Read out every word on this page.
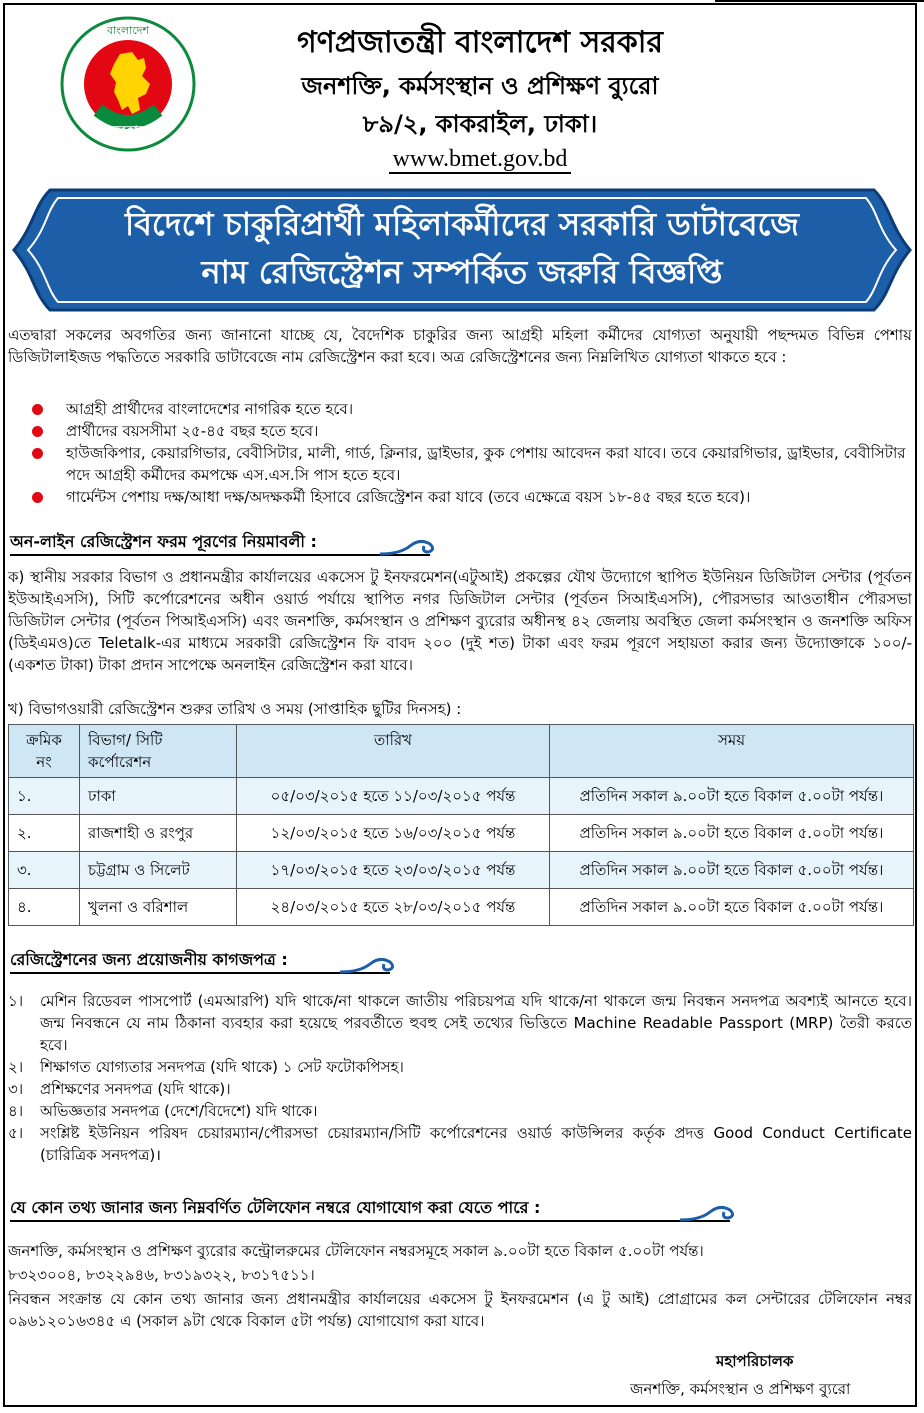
সরকার
বাংলাদেশ	গণপ্রজাতন্ত্রী বাংলাদেশ সরকার
জনশক্তি, কর্মসংস্থান ও প্রশিক্ষণ ব্যুরো
৮৯/২, কাকরাইল, ঢাকা।
www.bmet.gov.bd
বিদেশে চাকুরিপ্রার্থী মহিলাকর্মীদের সরকারি ডাটাবেজে
নাম রেজিস্ট্রেশন সম্পর্কিত জরুরি বিজ্ঞপ্তি
এতদ্বারা সকলের অবগতির জন্য জানানো যাচ্ছে যে, বৈদেশিক চাকুরির জন্য আগ্রহী মহিলা কর্মীদের যোগ্যতা অনুযায়ী পছন্দমত বিভিন্ন পেশায় ডিজিটালাইজড পদ্ধতিতে সরকারি ডাটাবেজে নাম রেজিস্ট্রেশন করা হবে। অত্র রেজিস্ট্রেশনের জন্য নিম্নলিখিত যোগ্যতা থাকতে হবে :
আগ্রহী প্রার্থীদের বাংলাদেশের নাগরিক হতে হবে।
প্রার্থীদের বয়সসীমা ২৫-৪৫ বছর হতে হবে।
হাউজকিপার, কেয়ারগিভার, বেবীসিটার, মালী, গার্ড, ক্লিনার, ড্রাইভার, কুক পেশায় আবেদন করা যাবে। তবে কেয়ারগিভার, ড্রাইভার, বেবীসিটার পদে আগ্রহী কর্মীদের কমপক্ষে এস.এস.সি পাস হতে হবে।
গার্মেন্টস পেশায় দক্ষ/আধা দক্ষ/অদক্ষকর্মী হিসাবে রেজিস্ট্রেশন করা যাবে (তবে এক্ষেত্রে বয়স ১৮-৪৫ বছর হতে হবে)।
অন-লাইন রেজিস্ট্রেশন ফরম পূরণের নিয়মাবলী :
ক) স্থানীয় সরকার বিভাগ ও প্রধানমন্ত্রীর কার্যালয়ের একসেস টু ইনফরমেশন(এটুআই) প্রকল্পের যৌথ উদ্যোগে স্থাপিত ইউনিয়ন ডিজিটাল সেন্টার (পূর্বতন ইউআইএসসি), সিটি কর্পোরেশনের অধীন ওয়ার্ড পর্যায়ে স্থাপিত নগর ডিজিটাল সেন্টার (পূর্বতন সিআইএসসি), পৌরসভার আওতাধীন পৌরসভা ডিজিটাল সেন্টার (পূর্বতন পিআইএসসি) এবং জনশক্তি, কর্মসংস্থান ও প্রশিক্ষণ ব্যুরোর অধীনস্থ ৪২ জেলায় অবস্থিত জেলা কর্মসংস্থান ও জনশক্তি অফিস (ডিইএমও)তে Teletalk-এর মাধ্যমে সরকারী রেজিস্ট্রেশন ফি বাবদ ২০০ (দুই শত) টাকা এবং ফরম পূরণে সহায়তা করার জন্য উদ্যোক্তাকে ১০০/- (একশত টাকা) টাকা প্রদান সাপেক্ষে অনলাইন রেজিস্ট্রেশন করা যাবে।
খ) বিভাগওয়ারী রেজিস্ট্রেশন শুরুর তারিখ ও সময় (সাপ্তাহিক ছুটির দিনসহ) :
ক্রমিক নং	বিভাগ/ সিটি কর্পোরেশন	তারিখ	সময়
১.	ঢাকা	০৫/০৩/২০১৫ হতে ১১/০৩/২০১৫ পর্যন্ত	প্রতিদিন সকাল ৯.০০টা হতে বিকাল ৫.০০টা পর্যন্ত।
২.	রাজশাহী ও রংপুর	১২/০৩/২০১৫ হতে ১৬/০৩/২০১৫ পর্যন্ত	প্রতিদিন সকাল ৯.০০টা হতে বিকাল ৫.০০টা পর্যন্ত।
৩.	চট্টগ্রাম ও সিলেট	১৭/০৩/২০১৫ হতে ২৩/০৩/২০১৫ পর্যন্ত	প্রতিদিন সকাল ৯.০০টা হতে বিকাল ৫.০০টা পর্যন্ত।
৪.	খুলনা ও বরিশাল	২৪/০৩/২০১৫ হতে ২৮/০৩/২০১৫ পর্যন্ত	প্রতিদিন সকাল ৯.০০টা হতে বিকাল ৫.০০টা পর্যন্ত।
রেজিস্ট্রেশনের জন্য প্রয়োজনীয় কাগজপত্র :
১। মেশিন রিডেবল পাসপোর্ট (এমআরপি) যদি থাকে/না থাকলে জাতীয় পরিচয়পত্র যদি থাকে/না থাকলে জন্ম নিবন্ধন সনদপত্র অবশ্যই আনতে হবে। জন্ম নিবন্ধনে যে নাম ঠিকানা ব্যবহার করা হয়েছে পরবর্তীতে হুবহু সেই তথ্যের ভিত্তিতে Machine Readable Passport (MRP) তৈরী করতে হবে।
২। শিক্ষাগত যোগ্যতার সনদপত্র (যদি থাকে) ১ সেট ফটোকপিসহ।
৩। প্রশিক্ষণের সনদপত্র (যদি থাকে)।
৪। অভিজ্ঞতার সনদপত্র (দেশে/বিদেশে) যদি থাকে।
৫। সংশ্লিষ্ট ইউনিয়ন পরিষদ চেয়ারম্যান/পৌরসভা চেয়ারম্যান/সিটি কর্পোরেশনের ওয়ার্ড কাউন্সিলর কর্তৃক প্রদত্ত Good Conduct Certificate (চারিত্রিক সনদপত্র)।
যে কোন তথ্য জানার জন্য নিম্নবর্ণিত টেলিফোন নম্বরে যোগাযোগ করা যেতে পারে :
জনশক্তি, কর্মসংস্থান ও প্রশিক্ষণ ব্যুরোর কন্ট্রোলরুমের টেলিফোন নম্বরসমূহে সকাল ৯.০০টা হতে বিকাল ৫.০০টা পর্যন্ত।
৮৩২৩০০৪, ৮৩২২৯৪৬, ৮৩১৯৩২২, ৮৩১৭৫১১।
নিবন্ধন সংক্রান্ত যে কোন তথ্য জানার জন্য প্রধানমন্ত্রীর কার্যালয়ের একসেস টু ইনফরমেশন (এ টু আই) প্রোগ্রামের কল সেন্টারের টেলিফোন নম্বর ০৯৬১২০১৬৩৪৫ এ (সকাল ৯টা থেকে বিকাল ৫টা পর্যন্ত) যোগাযোগ করা যাবে।
মহাপরিচালক
জনশক্তি, কর্মসংস্থান ও প্রশিক্ষণ ব্যুরো
